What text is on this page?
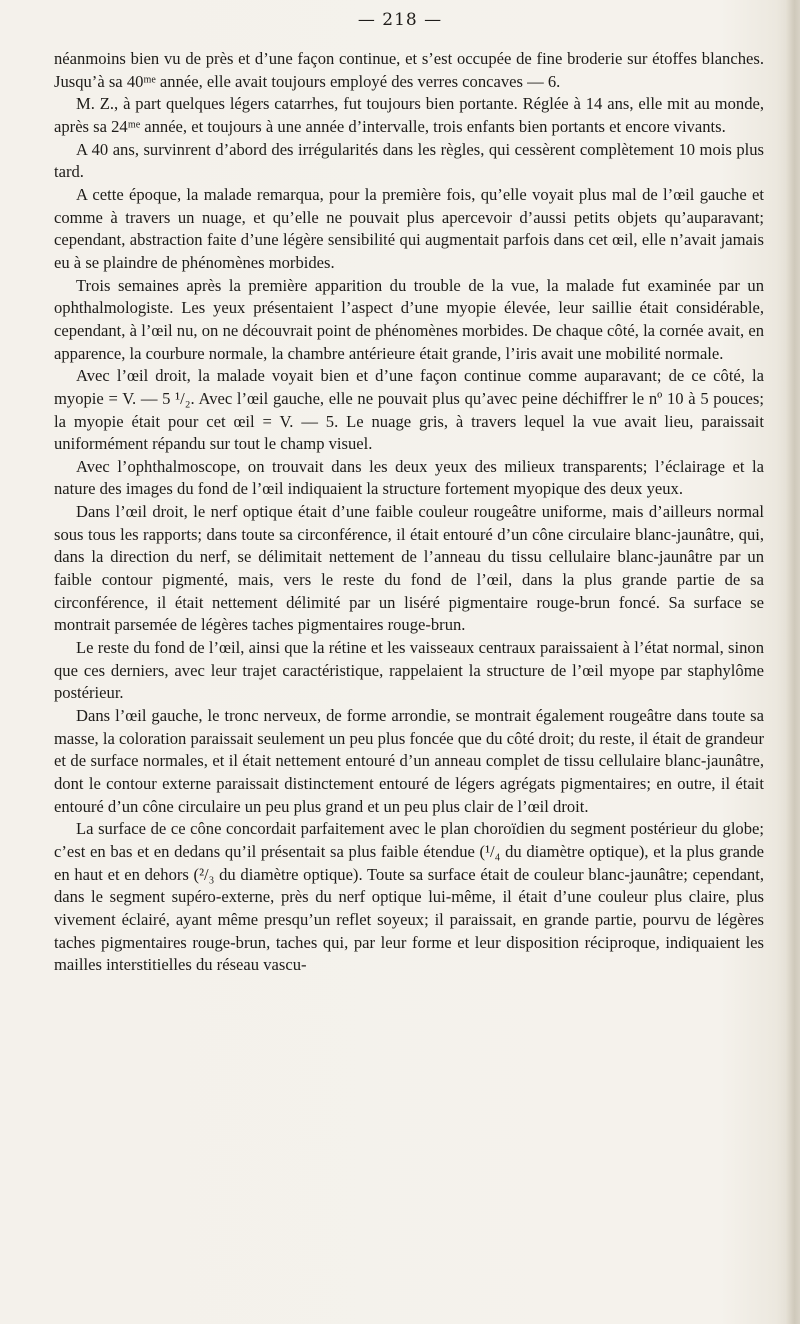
— 218 —

néanmoins bien vu de près et d’une façon continue, et s’est occupée de fine broderie sur étoffes blanches. Jusqu’à sa 40ᵐᵉ année, elle avait toujours employé des verres concaves — 6.

M. Z., à part quelques légers catarrhes, fut toujours bien portante. Réglée à 14 ans, elle mit au monde, après sa 24ᵐᵉ année, et toujours à une année d’intervalle, trois enfants bien portants et encore vivants.

A 40 ans, survinrent d’abord des irrégularités dans les règles, qui cessèrent complètement 10 mois plus tard.

A cette époque, la malade remarqua, pour la première fois, qu’elle voyait plus mal de l’œil gauche et comme à travers un nuage, et qu’elle ne pouvait plus apercevoir d’aussi petits objets qu’auparavant; cependant, abstraction faite d’une légère sensibilité qui augmentait parfois dans cet œil, elle n’avait jamais eu à se plaindre de phénomènes morbides.

Trois semaines après la première apparition du trouble de la vue, la malade fut examinée par un ophthalmologiste. Les yeux présentaient l’aspect d’une myopie élevée, leur saillie était considérable, cependant, à l’œil nu, on ne découvrait point de phénomènes morbides. De chaque côté, la cornée avait, en apparence, la courbure normale, la chambre antérieure était grande, l’iris avait une mobilité normale.

Avec l’œil droit, la malade voyait bien et d’une façon continue comme auparavant; de ce côté, la myopie = V. — 5 ¹/₂. Avec l’œil gauche, elle ne pouvait plus qu’avec peine déchiffrer le nº 10 à 5 pouces; la myopie était pour cet œil = V. — 5. Le nuage gris, à travers lequel la vue avait lieu, paraissait uniformément répandu sur tout le champ visuel.

Avec l’ophthalmoscope, on trouvait dans les deux yeux des milieux transparents; l’éclairage et la nature des images du fond de l’œil indiquaient la structure fortement myopique des deux yeux.

Dans l’œil droit, le nerf optique était d’une faible couleur rougeâtre uniforme, mais d’ailleurs normal sous tous les rapports; dans toute sa circonférence, il était entouré d’un cône circulaire blanc-jaunâtre, qui, dans la direction du nerf, se délimitait nettement de l’anneau du tissu cellulaire blanc-jaunâtre par un faible contour pigmenté, mais, vers le reste du fond de l’œil, dans la plus grande partie de sa circonférence, il était nettement délimité par un liséré pigmentaire rouge-brun foncé. Sa surface se montrait parsemée de légères taches pigmentaires rouge-brun.

Le reste du fond de l’œil, ainsi que la rétine et les vaisseaux centraux paraissaient à l’état normal, sinon que ces derniers, avec leur trajet caractéristique, rappelaient la structure de l’œil myope par staphylôme postérieur.

Dans l’œil gauche, le tronc nerveux, de forme arrondie, se montrait également rougeâtre dans toute sa masse, la coloration paraissait seulement un peu plus foncée que du côté droit; du reste, il était de grandeur et de surface normales, et il était nettement entouré d’un anneau complet de tissu cellulaire blanc-jaunâtre, dont le contour externe paraissait distinctement entouré de légers agrégats pigmentaires; en outre, il était entouré d’un cône circulaire un peu plus grand et un peu plus clair de l’œil droit.

La surface de ce cône concordait parfaitement avec le plan choroïdien du segment postérieur du globe; c’est en bas et en dedans qu’il présentait sa plus faible étendue (¹/₄ du diamètre optique), et la plus grande en haut et en dehors (²/₃ du diamètre optique). Toute sa surface était de couleur blanc-jaunâtre; cependant, dans le segment supéro-externe, près du nerf optique lui-même, il était d’une couleur plus claire, plus vivement éclairé, ayant même presqu’un reflet soyeux; il paraissait, en grande partie, pourvu de légères taches pigmentaires rouge-brun, taches qui, par leur forme et leur disposition réciproque, indiquaient les mailles interstitielles du réseau vascu-
